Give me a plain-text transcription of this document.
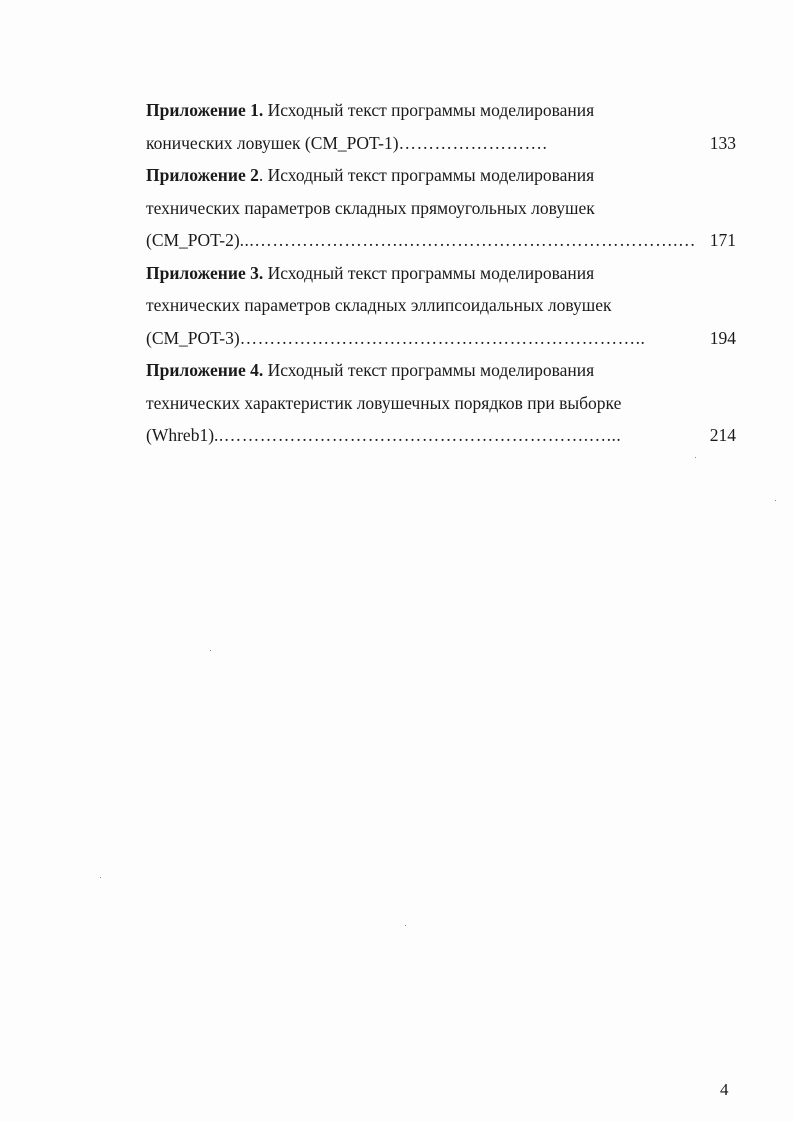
Приложение 1. Исходный текст программы моделирования
конических ловушек (CM_POT-1)…………………….	133
Приложение 2. Исходный текст программы моделирования
технических параметров складных прямоугольных ловушек
(CM_POT-2)...…………………….……………………………………….… 171
Приложение 3. Исходный текст программы моделирования
технических параметров складных эллипсоидальных ловушек
(CM_POT-3)…………………………………………………………..	194
Приложение 4. Исходный текст программы моделирования
технических характеристик ловушечных порядков при выборке
(Whreb1)..…………………………………………………….…...	214
4
